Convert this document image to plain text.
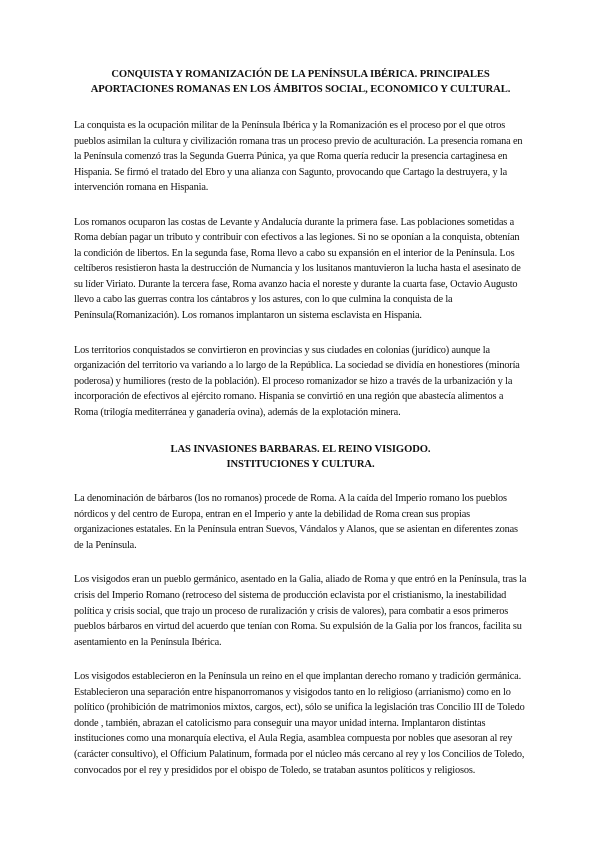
CONQUISTA Y ROMANIZACIÓN DE LA PENÍNSULA IBÉRICA. PRINCIPALES
APORTACIONES ROMANAS EN LOS ÁMBITOS SOCIAL, ECONOMICO Y CULTURAL.

La conquista es la ocupación militar de la Península Ibérica y la Romanización es el proceso por el que otros pueblos asimilan la cultura y civilización romana tras un proceso previo de aculturación. La presencia romana en la Península comenzó tras la Segunda Guerra Púnica, ya que Roma quería reducir la presencia cartaginesa en Hispania. Se firmó el tratado del Ebro y una alianza con Sagunto, provocando que Cartago la destruyera, y la intervención romana en Hispania.

Los romanos ocuparon las costas de Levante y Andalucía durante la primera fase. Las poblaciones sometidas a Roma debían pagar un tributo y contribuir con efectivos a las legiones. Si no se oponían a la conquista, obtenían la condición de libertos. En la segunda fase, Roma llevo a cabo su expansión en el interior de la Península. Los celtíberos resistieron hasta la destrucción de Numancia y los lusitanos mantuvieron la lucha hasta el asesinato de su líder Viriato. Durante la tercera fase, Roma avanzo hacia el noreste y durante la cuarta fase, Octavio Augusto llevo a cabo las guerras contra los cántabros y los astures, con lo que culmina la conquista de la Península(Romanización). Los romanos implantaron un sistema esclavista en Hispania.

Los territorios conquistados se convirtieron en provincias y sus ciudades en colonias (jurídico) aunque la organización del territorio va variando a lo largo de la República. La sociedad se dividía en honestiores (minoría poderosa) y humiliores (resto de la población). El proceso romanizador se hizo a través de la urbanización y la incorporación de efectivos al ejército romano. Hispania se convirtió en una región que abastecía alimentos a Roma (trilogía mediterránea y ganadería ovina), además de la explotación minera.

LAS INVASIONES BARBARAS. EL REINO VISIGODO.
INSTITUCIONES Y CULTURA.

La denominación de bárbaros (los no romanos) procede de Roma. A la caída del Imperio romano los pueblos nórdicos y del centro de Europa, entran en el Imperio y ante la debilidad de Roma crean sus propias organizaciones estatales. En la Península entran Suevos, Vándalos y Alanos, que se asientan en diferentes zonas de la Península.

Los visigodos eran un pueblo germánico, asentado en la Galia, aliado de Roma y que entró en la Península, tras la crisis del Imperio Romano (retroceso del sistema de producción eclavista por el cristianismo, la inestabilidad política y crisis social, que trajo un proceso de ruralización y crisis de valores), para combatir a esos primeros pueblos bárbaros en virtud del acuerdo que tenían con Roma. Su expulsión de la Galia por los francos, facilita su asentamiento en la Península Ibérica.

Los visigodos establecieron en la Península un reino en el que implantan derecho romano y tradición germánica. Establecieron una separación entre hispanorromanos y visigodos tanto en lo religioso (arrianismo) como en lo político (prohibición de matrimonios mixtos, cargos, ect), sólo se unifica la legislación tras Concilio III de Toledo donde , también, abrazan el catolicismo para conseguir una mayor unidad interna. Implantaron distintas instituciones como una monarquía electiva, el Aula Regia, asamblea compuesta por nobles que asesoran al rey (carácter consultivo), el Officium Palatinum, formada por el núcleo más cercano al rey y los Concilios de Toledo, convocados por el rey y presididos por el obispo de Toledo, se trataban asuntos políticos y religiosos.
